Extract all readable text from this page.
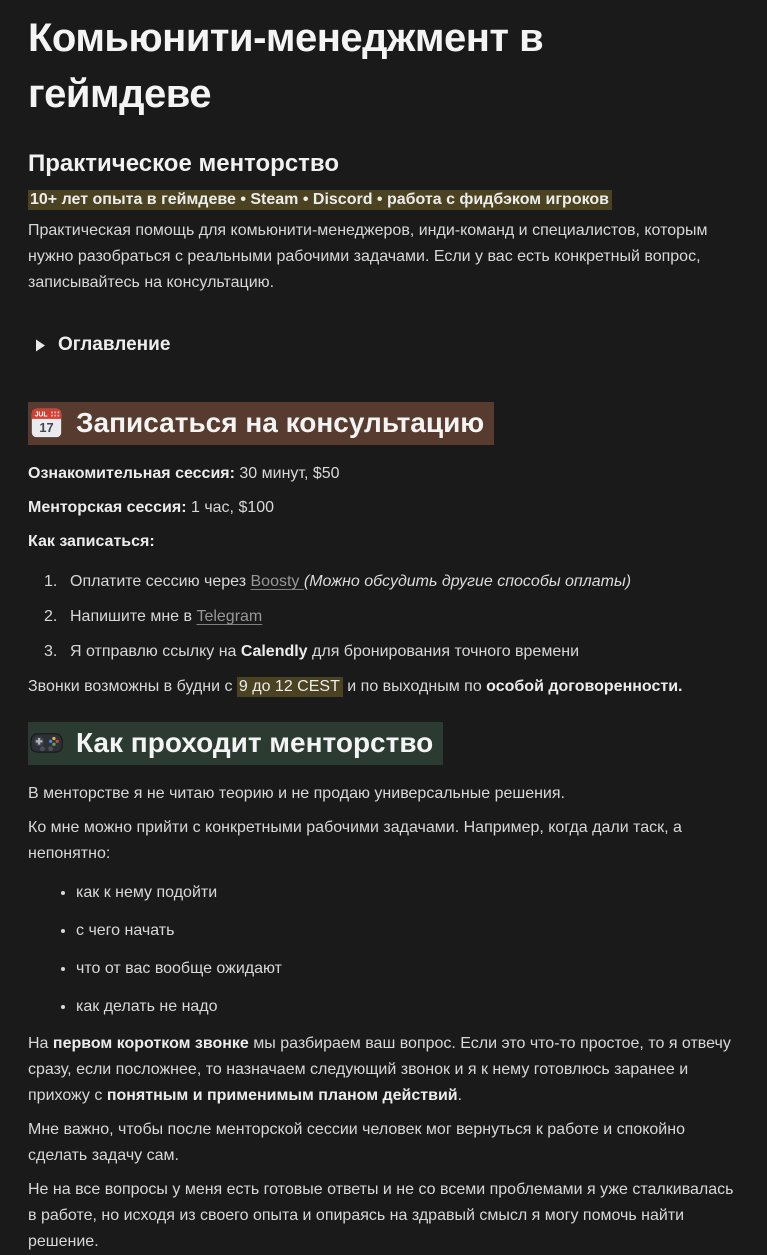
Комьюнити-менеджмент в геймдеве
Практическое менторство

10+ лет опыта в геймдеве • Steam • Discord • работа с фидбэком игроков

Практическая помощь для комьюнити-менеджеров, инди-команд и специалистов, которым нужно разобраться с реальными рабочими задачами. Если у вас есть конкретный вопрос, записывайтесь на консультацию.

Оглавление
JUL
17 Записаться на консультацию

Ознакомительная сессия: 30 минут, $50

Менторская сессия: 1 час, $100

Как записаться:

1. Оплатите сессию через Boosty (Можно обсудить другие способы оплаты)
2. Напишите мне в Telegram
3. Я отправлю ссылку на Calendly для бронирования точного времени

Звонки возможны в будни с 9 до 12 CEST и по выходным по особой договоренности.

Как проходит менторство

В менторстве я не читаю теорию и не продаю универсальные решения.

Ко мне можно прийти с конкретными рабочими задачами. Например, когда дали таск, а непонятно:

• как к нему подойти
• с чего начать
• что от вас вообще ожидают
• как делать не надо

На первом коротком звонке мы разбираем ваш вопрос. Если это что-то простое, то я отвечу сразу, если посложнее, то назначаем следующий звонок и я к нему готовлюсь заранее и прихожу с понятным и применимым планом действий.

Мне важно, чтобы после менторской сессии человек мог вернуться к работе и спокойно сделать задачу сам.

Не на все вопросы у меня есть готовые ответы и не со всеми проблемами я уже сталкивалась в работе, но исходя из своего опыта и опираясь на здравый смысл я могу помочь найти решение.
